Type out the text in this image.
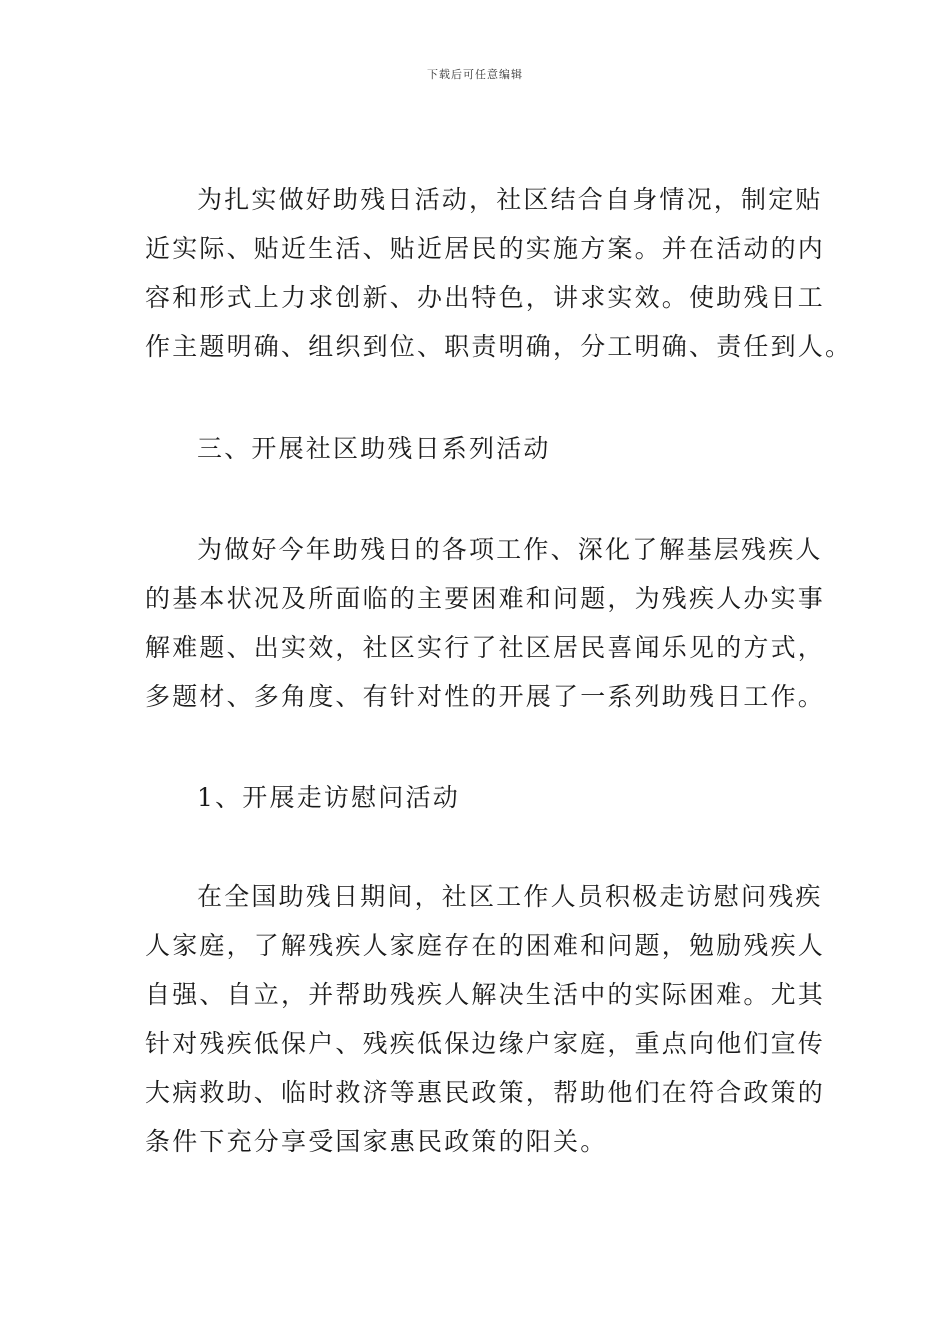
下载后可任意编辑
为扎实做好助残日活动，社区结合自身情况，制定贴
近实际、贴近生活、贴近居民的实施方案。并在活动的内
容和形式上力求创新、办出特色，讲求实效。使助残日工
作主题明确、组织到位、职责明确，分工明确、责任到人。
三、开展社区助残日系列活动
为做好今年助残日的各项工作、深化了解基层残疾人
的基本状况及所面临的主要困难和问题，为残疾人办实事
解难题、出实效，社区实行了社区居民喜闻乐见的方式，
多题材、多角度、有针对性的开展了一系列助残日工作。
1、开展走访慰问活动
在全国助残日期间，社区工作人员积极走访慰问残疾
人家庭，了解残疾人家庭存在的困难和问题，勉励残疾人
自强、自立，并帮助残疾人解决生活中的实际困难。尤其
针对残疾低保户、残疾低保边缘户家庭，重点向他们宣传
大病救助、临时救济等惠民政策，帮助他们在符合政策的
条件下充分享受国家惠民政策的阳关。
